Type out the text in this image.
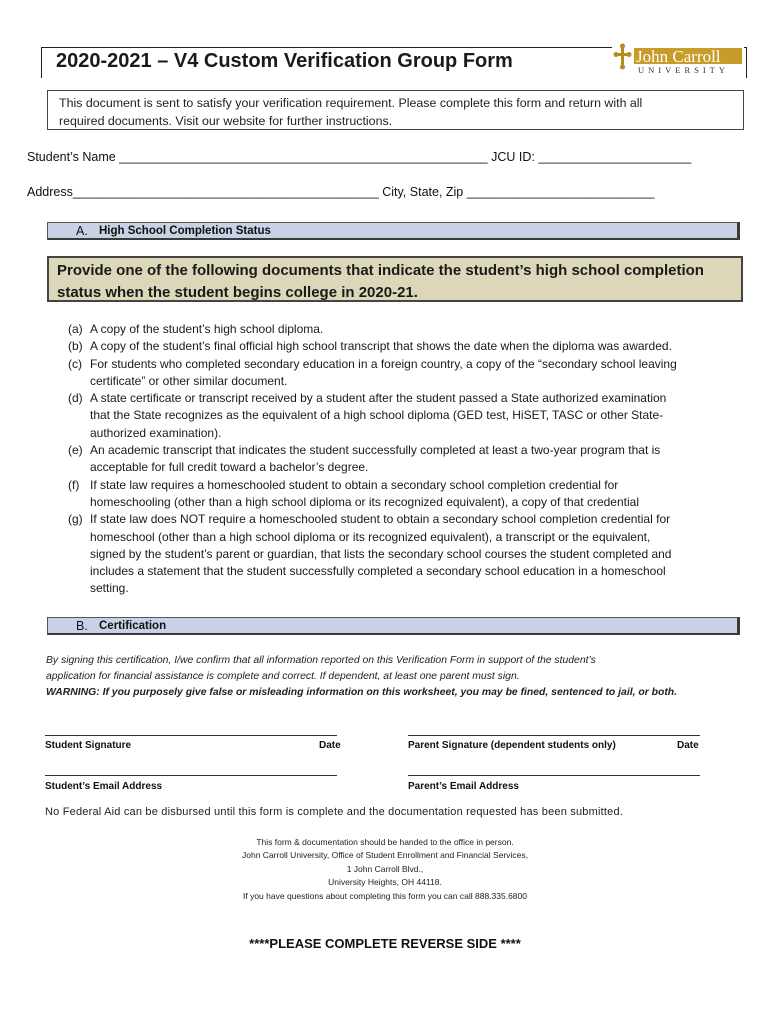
2020-2021 – V4 Custom Verification Group Form	John Carroll
UNIVERSITY
This document is sent to satisfy your verification requirement. Please complete this form and return with all
required documents. Visit our website for further instructions.
Student’s Name _____________________________________________________ JCU ID: ______________________
Address____________________________________________ City, State, Zip ___________________________
A. High School Completion Status
Provide one of the following documents that indicate the student’s high school completion
status when the student begins college in 2020-21.
(a) A copy of the student’s high school diploma.
(b) A copy of the student’s final official high school transcript that shows the date when the diploma was awarded.
(c) For students who completed secondary education in a foreign country, a copy of the “secondary school leaving
certificate” or other similar document.
(d) A state certificate or transcript received by a student after the student passed a State authorized examination
that the State recognizes as the equivalent of a high school diploma (GED test, HiSET, TASC or other State-
authorized examination).
(e) An academic transcript that indicates the student successfully completed at least a two-year program that is
acceptable for full credit toward a bachelor’s degree.
(f) If state law requires a homeschooled student to obtain a secondary school completion credential for
homeschooling (other than a high school diploma or its recognized equivalent), a copy of that credential
(g) If state law does NOT require a homeschooled student to obtain a secondary school completion credential for
homeschool (other than a high school diploma or its recognized equivalent), a transcript or the equivalent,
signed by the student’s parent or guardian, that lists the secondary school courses the student completed and
includes a statement that the student successfully completed a secondary school education in a homeschool
setting.
B. Certification
By signing this certification, I/we confirm that all information reported on this Verification Form in support of the student’s
application for financial assistance is complete and correct. If dependent, at least one parent must sign.
WARNING: If you purposely give false or misleading information on this worksheet, you may be fined, sentenced to jail, or both.
Student Signature	Date	Parent Signature (dependent students only)	Date
Student’s Email Address	Parent’s Email Address
No Federal Aid can be disbursed until this form is complete and the documentation requested has been submitted.
This form & documentation should be handed to the office in person.
John Carroll University, Office of Student Enrollment and Financial Services,
1 John Carroll Blvd.,
University Heights, OH 44118.
If you have questions about completing this form you can call 888.335.6800
****PLEASE COMPLETE REVERSE SIDE ****
